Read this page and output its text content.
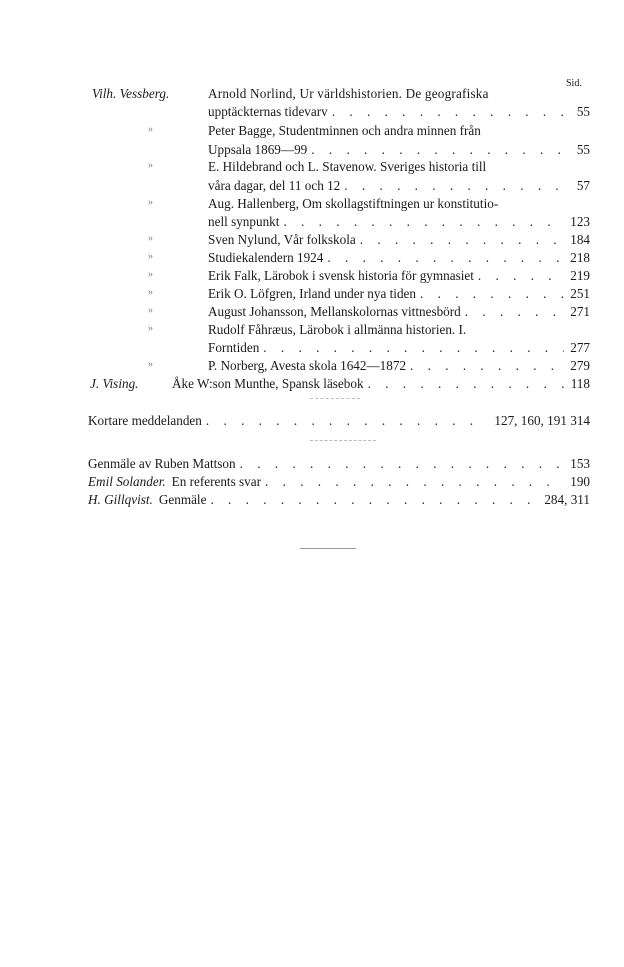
Sid.
Vilh. Vessberg.	Arnold Norlind, Ur världshistorien. De geografiska
upptäckternas tidevarv . . .	55
»	Peter Bagge, Studentminnen och andra minnen från
Uppsala 1869—99 . . .	55
»	E. Hildebrand och L. Stavenow. Sveriges historia till
våra dagar, del 11 och 12 . . .	57
»	Aug. Hallenberg, Om skollagstiftningen ur konstitutio-
nell synpunkt . . .	123
»	Sven Nylund, Vår folkskola . . .	184
»	Studiekalendern 1924 . . .	218
»	Erik Falk, Lärobok i svensk historia för gymnasiet . . .	219
»	Erik O. Löfgren, Irland under nya tiden . . .	251
»	August Johansson, Mellanskolornas vittnesbörd . . .	271
»	Rudolf Fåhræus, Lärobok i allmänna historien. I.
Forntiden . . .	277
»	P. Norberg, Avesta skola 1642—1872 . . .	279
J. Vising.	Åke W:son Munthe, Spansk läsebok . . .	118
Kortare meddelanden . . .	127, 160, 191 314
Genmäle av Ruben Mattson . . .	153
Emil Solander. En referents svar . . .	190
H. Gillqvist. Genmäle . . .	284, 311
